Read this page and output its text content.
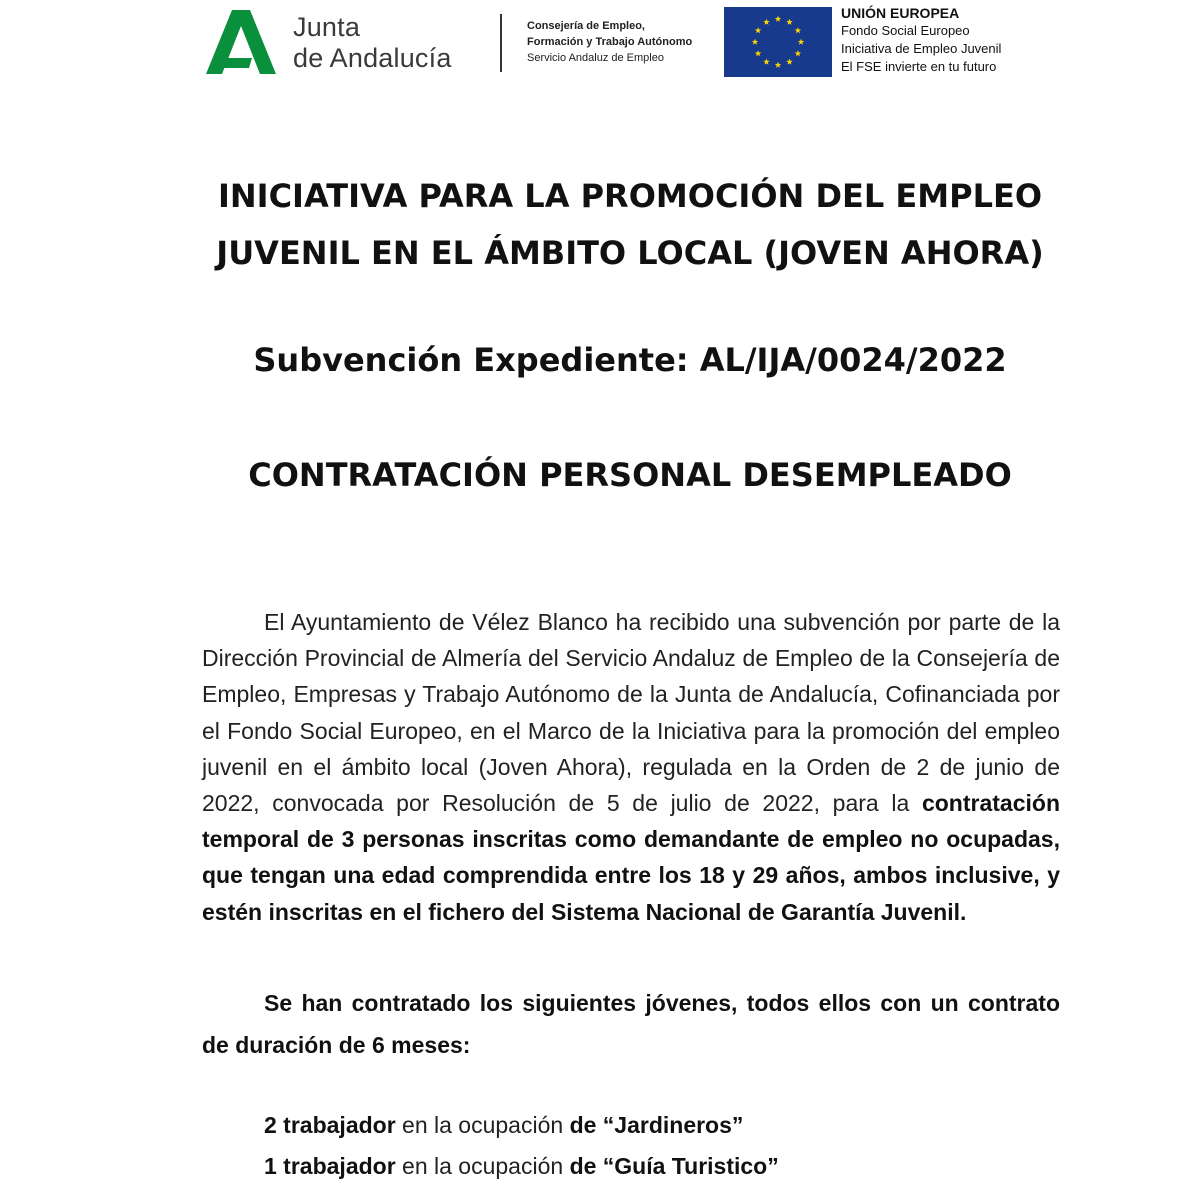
Junta
de Andalucía
Consejería de Empleo,
Formación y Trabajo Autónomo
Servicio Andaluz de Empleo
UNIÓN EUROPEA
Fondo Social Europeo
Iniciativa de Empleo Juvenil
El FSE invierte en tu futuro
INICIATIVA PARA LA PROMOCIÓN DEL EMPLEO
JUVENIL EN EL ÁMBITO LOCAL (JOVEN AHORA)
Subvención Expediente: AL/IJA/0024/2022
CONTRATACIÓN PERSONAL DESEMPLEADO
El Ayuntamiento de Vélez Blanco ha recibido una subvención por parte de la Dirección Provincial de Almería del Servicio Andaluz de Empleo de la Consejería de Empleo, Empresas y Trabajo Autónomo de la Junta de Andalucía, Cofinanciada por el Fondo Social Europeo, en el Marco de la Iniciativa para la promoción del empleo juvenil en el ámbito local (Joven Ahora), regulada en la Orden de 2 de junio de 2022, convocada por Resolución de 5 de julio de 2022, para la contratación temporal de 3 personas inscritas como demandante de empleo no ocupadas, que tengan una edad comprendida entre los 18 y 29 años, ambos inclusive, y estén inscritas en el fichero del Sistema Nacional de Garantía Juvenil.
Se han contratado los siguientes jóvenes, todos ellos con un contrato de duración de 6 meses:
2 trabajador en la ocupación de “Jardineros”
1 trabajador en la ocupación de “Guía Turistico”
